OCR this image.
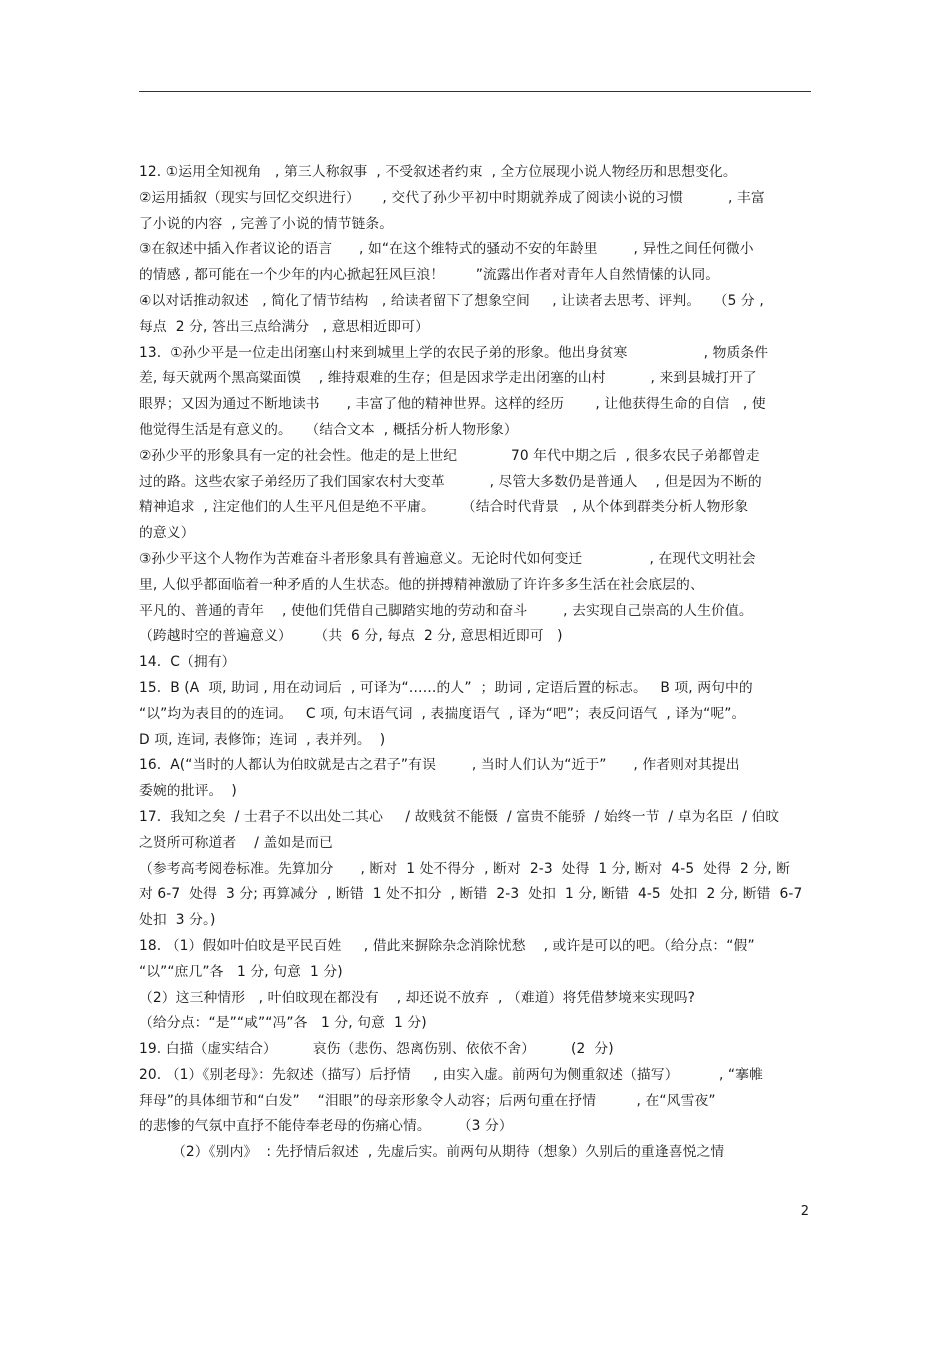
12. ①运用全知视角   , 第三人称叙事  , 不受叙述者约束  , 全方位展现小说人物经历和思想变化。
②运用插叙（现实与回忆交织进行）     , 交代了孙少平初中时期就养成了阅读小说的习惯          , 丰富
了小说的内容  , 完善了小说的情节链条。
③在叙述中插入作者议论的语言      , 如“在这个维特式的骚动不安的年龄里        , 异性之间任何微小
的情感 , 都可能在一个少年的内心掀起狂风巨浪！       ”流露出作者对青年人自然情愫的认同。
④以对话推动叙述   , 简化了情节结构   , 给读者留下了想象空间     , 让读者去思考、评判。   （5 分 ,
每点  2 分, 答出三点给满分   , 意思相近即可）
13.  ①孙少平是一位走出闭塞山村来到城里上学的农民子弟的形象。他出身贫寒                 , 物质条件
差, 每天就两个黑高粱面馍    , 维持艰难的生存；但是因求学走出闭塞的山村          , 来到县城打开了
眼界；又因为通过不断地读书      , 丰富了他的精神世界。这样的经历       , 让他获得生命的自信   , 使
他觉得生活是有意义的。   （结合文本  , 概括分析人物形象）
②孙少平的形象具有一定的社会性。他走的是上世纪            70 年代中期之后  , 很多农民子弟都曾走
过的路。这些农家子弟经历了我们国家农村大变革          , 尽管大多数仍是普通人    , 但是因为不断的
精神追求  , 注定他们的人生平凡但是绝不平庸。      （结合时代背景   , 从个体到群类分析人物形象
的意义）
③孙少平这个人物作为苦难奋斗者形象具有普遍意义。无论时代如何变迁               , 在现代文明社会
里, 人似乎都面临着一种矛盾的人生状态。他的拼搏精神激励了许许多多生活在社会底层的、
平凡的、普通的青年    , 使他们凭借自己脚踏实地的劳动和奋斗        , 去实现自己崇高的人生价值。
（跨越时空的普遍意义）     （共  6 分, 每点  2 分, 意思相近即可   )
14.  C（拥有）
15.  B (A  项, 助词 , 用在动词后  , 可译为“……的人”  ；助词 , 定语后置的标志。   B 项, 两句中的
“以”均为表目的的连词。   C 项, 句末语气词  , 表揣度语气  , 译为“吧”；表反问语气  , 译为“呢”。
D 项, 连词, 表修饰；连词  , 表并列。  )
16.  A(“当时的人都认为伯旼就是古之君子”有误        , 当时人们认为“近于”      , 作者则对其提出
委婉的批评。  )
17.  我知之矣  / 士君子不以出处二其心     / 故贱贫不能慑  / 富贵不能骄  / 始终一节  / 卓为名臣  / 伯旼
之贤所可称道者    / 盖如是而已
（参考高考阅卷标准。先算加分      , 断对  1 处不得分  , 断对  2-3  处得  1 分, 断对  4-5  处得  2 分, 断
对 6-7  处得  3 分; 再算减分  , 断错  1 处不扣分  , 断错  2-3  处扣  1 分, 断错  4-5  处扣  2 分, 断错  6-7
处扣  3 分。)
18. （1）假如叶伯旼是平民百姓     , 借此来摒除杂念消除忧愁    , 或许是可以的吧。（给分点：“假”
“以”“庶几”各   1 分, 句意  1 分)
（2）这三种情形   , 叶伯旼现在都没有    , 却还说不放弃  , （难道）将凭借梦境来实现吗?
（给分点：“是”“咸”“冯”各   1 分, 句意  1 分)
19. 白描（虚实结合）        哀伤（悲伤、怨离伤别、依依不舍）        (2  分)
20. （1）《别老母》：先叙述（描写）后抒情     , 由实入虚。前两句为侧重叙述（描写）         , “搴帷
拜母”的具体细节和“白发”    “泪眼”的母亲形象令人动容；后两句重在抒情         , 在“风雪夜”
的悲惨的气氛中直抒不能侍奉老母的伤痛心情。      （3 分）
（2）《别内》  : 先抒情后叙述  , 先虚后实。前两句从期待（想象）久别后的重逢喜悦之情
2
